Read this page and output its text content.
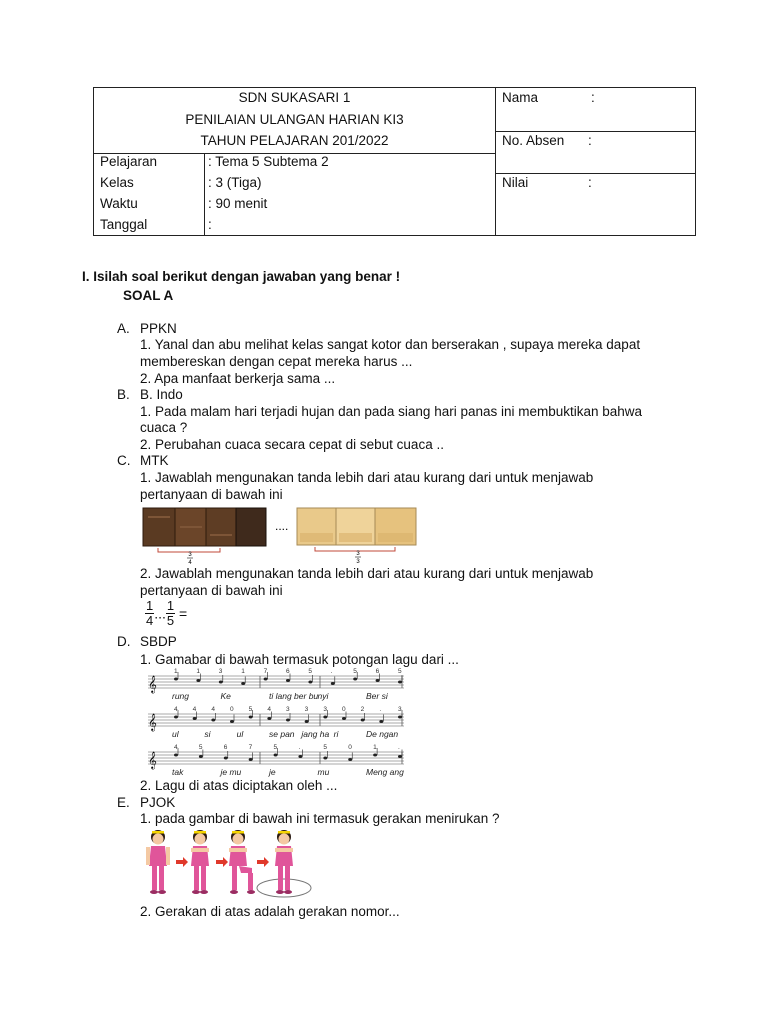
SDN SUKASARI 1
PENILAIAN ULANGAN HARIAN KI3
TAHUN PELAJARAN 201/2022
Pelajaran	: Tema 5 Subtema 2
Kelas	: 3 (Tiga)
Waktu	: 90 menit
Tanggal	:
Nama	:
No. Absen :
Nilai	:
I. Isilah soal berikut dengan jawaban yang benar !
SOAL A
A. PPKN
1. Yanal dan abu melihat kelas sangat kotor dan berserakan , supaya mereka dapat
membereskan dengan cepat mereka harus ...
2. Apa manfaat berkerja sama ...
B. B. Indo
1. Pada malam hari terjadi hujan dan pada siang hari panas ini membuktikan bahwa
cuaca ?
2. Perubahan cuaca secara cepat di sebut cuaca ..
C. MTK
1. Jawablah mengunakan tanda lebih dari atau kurang dari untuk menjawab
pertanyaan di bawah ini
....
3
4
3
3
2. Jawablah mengunakan tanda lebih dari atau kurang dari untuk menjawab
pertanyaan di bawah ini
$\frac{1}{4}$ ... $\frac{1}{5}$ =
D. SBDP
1. Gamabar di bawah termasuk potongan lagu dari ...
𝄞
1	1	3	1	7	6	5	.	5	6	5
rung	Ke	ti lang ber bu nyi	Ber si
𝄞
4 4 4 0 5 4 3 3 3 0 2 .	3
ul	si	ul	se pan jang ha ri	De ngan
𝄞
4	5	6	7	5	.	5	0	1	.
tak	je mu	je	mu	Meng ang
2. Lagu di atas diciptakan oleh ...
E. PJOK
1. pada gambar di bawah ini termasuk gerakan menirukan ?
2. Gerakan di atas adalah gerakan nomor...
